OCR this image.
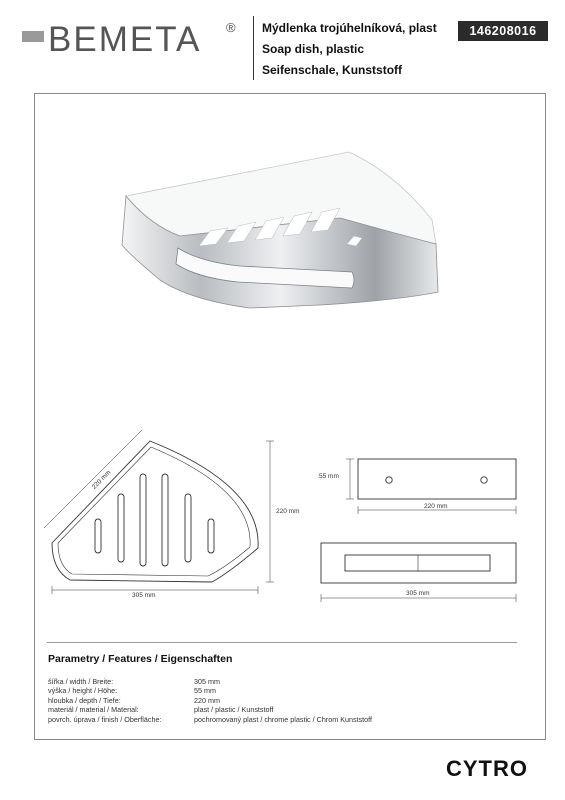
BEMETA ® Mýdlenka trojúhelníková, plast
Soap dish, plastic
Seifenschale, Kunststoff
146208016
305 mm
220 mm
220 mm	55 mm
220 mm
305 mm
Parametry / Features / Eigenschaften
šířka / width / Breite:	305 mm
výška / height / Höhe:	55 mm
hloubka / depth / Tiefe:	220 mm
materiál / material / Material:	plast / plastic / Kunststoff
povrch. úprava / finish / Oberfläche:	pochromovaný plast / chrome plastic / Chrom Kunststoff
CYTRO
